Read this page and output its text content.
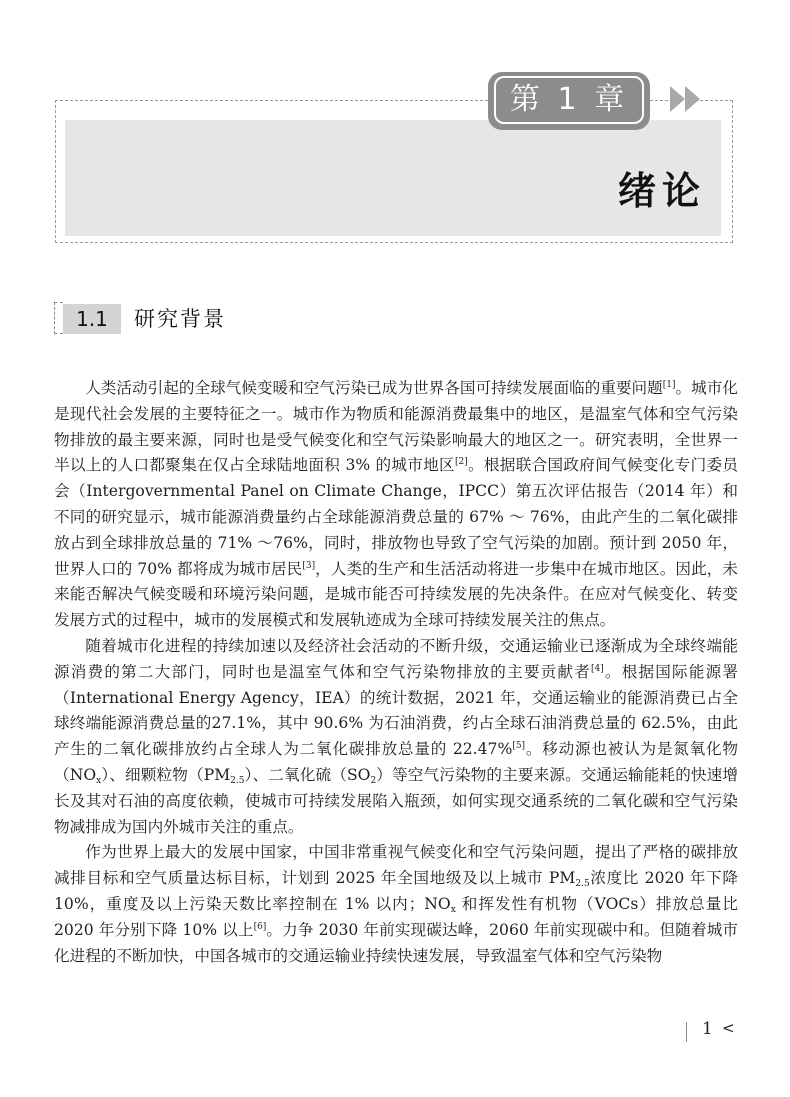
绪论
第 1 章
1.1	研究背景

人类活动引起的全球气候变暖和空气污染已成为世界各国可持续发展面临的重要问题[1]。城市化是现代社会发展的主要特征之一。城市作为物质和能源消费最集中的地区，是温室气体和空气污染物排放的最主要来源，同时也是受气候变化和空气污染影响最大的地区之一。研究表明，全世界一半以上的人口都聚集在仅占全球陆地面积 3% 的城市地区[2]。根据联合国政府间气候变化专门委员会（Intergovernmental Panel on Climate Change，IPCC）第五次评估报告（2014 年）和不同的研究显示，城市能源消费量约占全球能源消费总量的 67% ～ 76%，由此产生的二氧化碳排放占到全球排放总量的 71% ～76%，同时，排放物也导致了空气污染的加剧。预计到 2050 年，世界人口的 70% 都将成为城市居民[3]，人类的生产和生活活动将进一步集中在城市地区。因此，未来能否解决气候变暖和环境污染问题，是城市能否可持续发展的先决条件。在应对气候变化、转变发展方式的过程中，城市的发展模式和发展轨迹成为全球可持续发展关注的焦点。

随着城市化进程的持续加速以及经济社会活动的不断升级，交通运输业已逐渐成为全球终端能源消费的第二大部门，同时也是温室气体和空气污染物排放的主要贡献者[4]。根据国际能源署（International Energy Agency，IEA）的统计数据，2021 年，交通运输业的能源消费已占全球终端能源消费总量的27.1%，其中 90.6% 为石油消费，约占全球石油消费总量的 62.5%，由此产生的二氧化碳排放约占全球人为二氧化碳排放总量的 22.47%[5]。移动源也被认为是氮氧化物$(NO_x)$、细颗粒物$(PM_{2.5})$、二氧化硫$(SO_2)$等空气污染物的主要来源。交通运输能耗的快速增长及其对石油的高度依赖，使城市可持续发展陷入瓶颈，如何实现交通系统的二氧化碳和空气污染物减排成为国内外城市关注的重点。

作为世界上最大的发展中国家，中国非常重视气候变化和空气污染问题，提出了严格的碳排放减排目标和空气质量达标目标，计划到 2025 年全国地级及以上城市 $PM_{2.5}$浓度比 2020 年下降 10%，重度及以上污染天数比率控制在 1% 以内；$NO_x$ 和挥发性有机物（VOCs）排放总量比 2020 年分别下降 10% 以上[6]。力争 2030 年前实现碳达峰，2060 年前实现碳中和。但随着城市化进程的不断加快，中国各城市的交通运输业持续快速发展，导致温室气体和空气污染物

1 <
